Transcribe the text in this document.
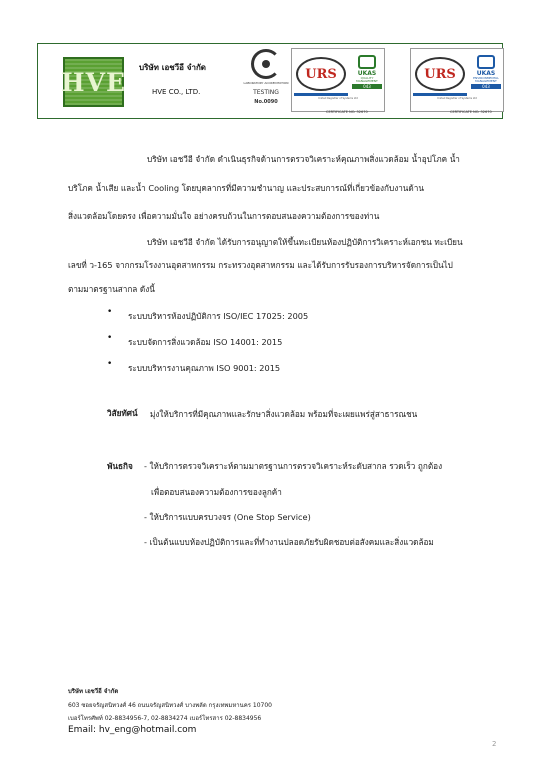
HVE บริษัท เอชวีอี จำกัด
HVE CO., LTD.
LABORATORY ACCREDITATION
TESTING
No.0090
URS	UKAS
QUALITY MANAGEMENT
043
United Registrar of Systems Ltd
CERTIFICATE NO. 32670
URS	UKAS
ENVIRONMENTAL MANAGEMENT
043
United Registrar of Systems Ltd
CERTIFICATE NO. 32670
บริษัท เอชวีอี จำกัด ดำเนินธุรกิจด้านการตรวจวิเคราะห์คุณภาพสิ่งแวดล้อม น้ำอุปโภค น้ำ
บริโภค น้ำเสีย และน้ำ Cooling โดยบุคลากรที่มีความชำนาญ และประสบการณ์ที่เกี่ยวข้องกับงานด้าน
สิ่งแวดล้อมโดยตรง เพื่อความมั่นใจ อย่างครบถ้วนในการตอบสนองความต้องการของท่าน
บริษัท เอชวีอี จำกัด ได้รับการอนุญาตให้ขึ้นทะเบียนห้องปฏิบัติการวิเคราะห์เอกชน ทะเบียน
เลขที่ ว-165 จากกรมโรงงานอุตสาหกรรม กระทรวงอุตสาหกรรม และได้รับการรับรองการบริหารจัดการเป็นไป
ตามมาตรฐานสากล ดังนี้
• ระบบบริหารห้องปฏิบัติการ ISO/IEC 17025: 2005
• ระบบจัดการสิ่งแวดล้อม ISO 14001: 2015
• ระบบบริหารงานคุณภาพ ISO 9001: 2015
วิสัยทัศน์ มุ่งให้บริการที่มีคุณภาพและรักษาสิ่งแวดล้อม พร้อมที่จะเผยแพร่สู่สาธารณชน
พันธกิจ - ให้บริการตรวจวิเคราะห์ตามมาตรฐานการตรวจวิเคราะห์ระดับสากล รวดเร็ว ถูกต้อง
เพื่อตอบสนองความต้องการของลูกค้า
- ให้บริการแบบครบวงจร (One Stop Service)
- เป็นต้นแบบห้องปฏิบัติการและที่ทำงานปลอดภัยรับผิดชอบต่อสังคมและสิ่งแวดล้อม
บริษัท เอชวีอี จำกัด
603 ซอยจรัญสนิทวงศ์ 46 ถนนจรัญสนิทวงศ์ บางพลัด กรุงเทพมหานคร 10700
เบอร์โทรศัพท์ 02-8834956-7, 02-8834274 เบอร์โทรสาร 02-8834956
Email: hv_eng@hotmail.com
2
